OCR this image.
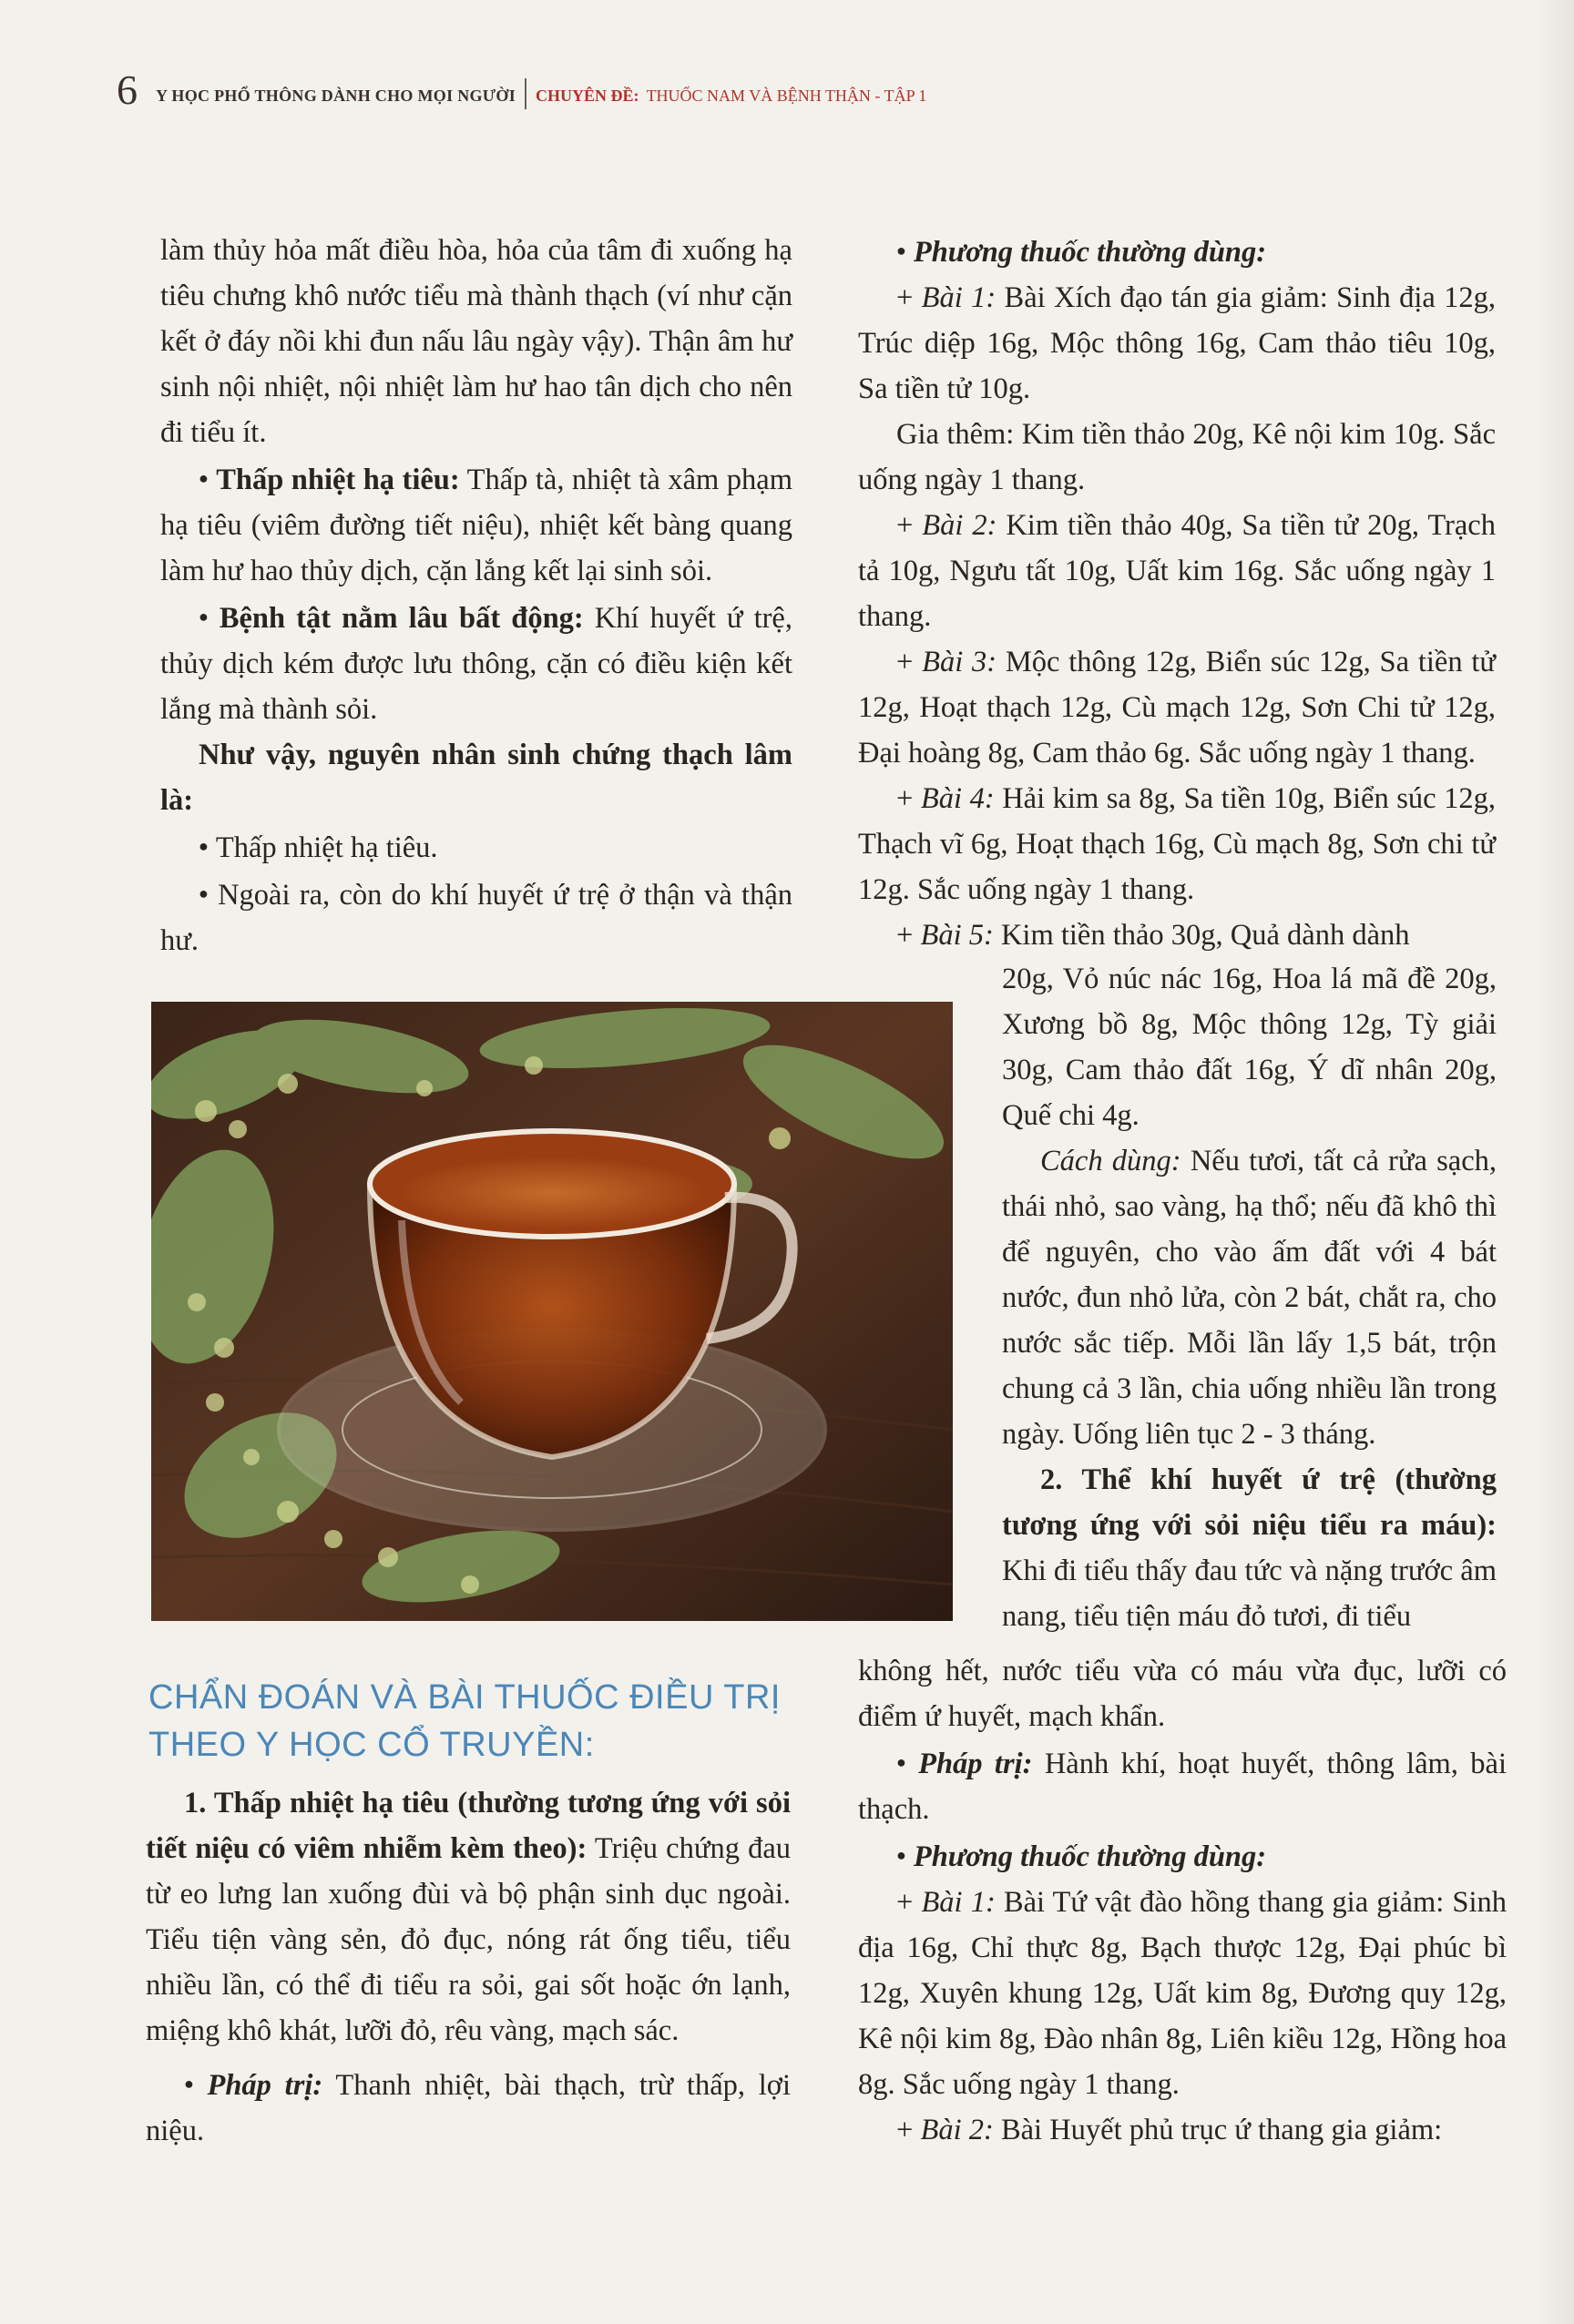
6 Y HỌC PHỔ THÔNG DÀNH CHO MỌI NGƯỜI CHUYÊN ĐỀ: THUỐC NAM VÀ BỆNH THẬN - TẬP 1

làm thủy hỏa mất điều hòa, hỏa của tâm đi xuống hạ tiêu chưng khô nước tiểu mà thành thạch (ví như cặn kết ở đáy nồi khi đun nấu lâu ngày vậy). Thận âm hư sinh nội nhiệt, nội nhiệt làm hư hao tân dịch cho nên đi tiểu ít.

● Thấp nhiệt hạ tiêu: Thấp tà, nhiệt tà xâm phạm hạ tiêu (viêm đường tiết niệu), nhiệt kết bàng quang làm hư hao thủy dịch, cặn lắng kết lại sinh sỏi.

● Bệnh tật nằm lâu bất động: Khí huyết ứ trệ, thủy dịch kém được lưu thông, cặn có điều kiện kết lắng mà thành sỏi.

Như vậy, nguyên nhân sinh chứng thạch lâm là:

● Thấp nhiệt hạ tiêu.

● Ngoài ra, còn do khí huyết ứ trệ ở thận và thận hư.

CHẨN ĐOÁN VÀ BÀI THUỐC ĐIỀU TRỊ THEO Y HỌC CỔ TRUYỀN:

1. Thấp nhiệt hạ tiêu (thường tương ứng với sỏi tiết niệu có viêm nhiễm kèm theo): Triệu chứng đau từ eo lưng lan xuống đùi và bộ phận sinh dục ngoài. Tiểu tiện vàng sẻn, đỏ đục, nóng rát ống tiểu, tiểu nhiều lần, có thể đi tiểu ra sỏi, gai sốt hoặc ớn lạnh, miệng khô khát, lưỡi đỏ, rêu vàng, mạch sác.

● Pháp trị: Thanh nhiệt, bài thạch, trừ thấp, lợi niệu.

● Phương thuốc thường dùng:

+ Bài 1: Bài Xích đạo tán gia giảm: Sinh địa 12g, Trúc diệp 16g, Mộc thông 16g, Cam thảo tiêu 10g, Sa tiền tử 10g.

Gia thêm: Kim tiền thảo 20g, Kê nội kim 10g. Sắc uống ngày 1 thang.

+ Bài 2: Kim tiền thảo 40g, Sa tiền tử 20g, Trạch tả 10g, Ngưu tất 10g, Uất kim 16g. Sắc uống ngày 1 thang.

+ Bài 3: Mộc thông 12g, Biển súc 12g, Sa tiền tử 12g, Hoạt thạch 12g, Cù mạch 12g, Sơn Chi tử 12g, Đại hoàng 8g, Cam thảo 6g. Sắc uống ngày 1 thang.

+ Bài 4: Hải kim sa 8g, Sa tiền 10g, Biển súc 12g, Thạch vĩ 6g, Hoạt thạch 16g, Cù mạch 8g, Sơn chi tử 12g. Sắc uống ngày 1 thang.

+ Bài 5: Kim tiền thảo 30g, Quả dành dành

20g, Vỏ núc nác 16g, Hoa lá mã đề 20g, Xương bồ 8g, Mộc thông 12g, Tỳ giải 30g, Cam thảo đất 16g, Ý dĩ nhân 20g, Quế chi 4g.

Cách dùng: Nếu tươi, tất cả rửa sạch, thái nhỏ, sao vàng, hạ thổ; nếu đã khô thì để nguyên, cho vào ấm đất với 4 bát nước, đun nhỏ lửa, còn 2 bát, chắt ra, cho nước sắc tiếp. Mỗi lần lấy 1,5 bát, trộn chung cả 3 lần, chia uống nhiều lần trong ngày. Uống liên tục 2 - 3 tháng.

2. Thể khí huyết ứ trệ (thường tương ứng với sỏi niệu tiểu ra máu): Khi đi tiểu thấy đau tức và nặng trước âm nang, tiểu tiện máu đỏ tươi, đi tiểu

không hết, nước tiểu vừa có máu vừa đục, lưỡi có điểm ứ huyết, mạch khẩn.

● Pháp trị: Hành khí, hoạt huyết, thông lâm, bài thạch.

● Phương thuốc thường dùng:

+ Bài 1: Bài Tứ vật đào hồng thang gia giảm: Sinh địa 16g, Chỉ thực 8g, Bạch thược 12g, Đại phúc bì 12g, Xuyên khung 12g, Uất kim 8g, Đương quy 12g, Kê nội kim 8g, Đào nhân 8g, Liên kiều 12g, Hồng hoa 8g. Sắc uống ngày 1 thang.

+ Bài 2: Bài Huyết phủ trục ứ thang gia giảm:
